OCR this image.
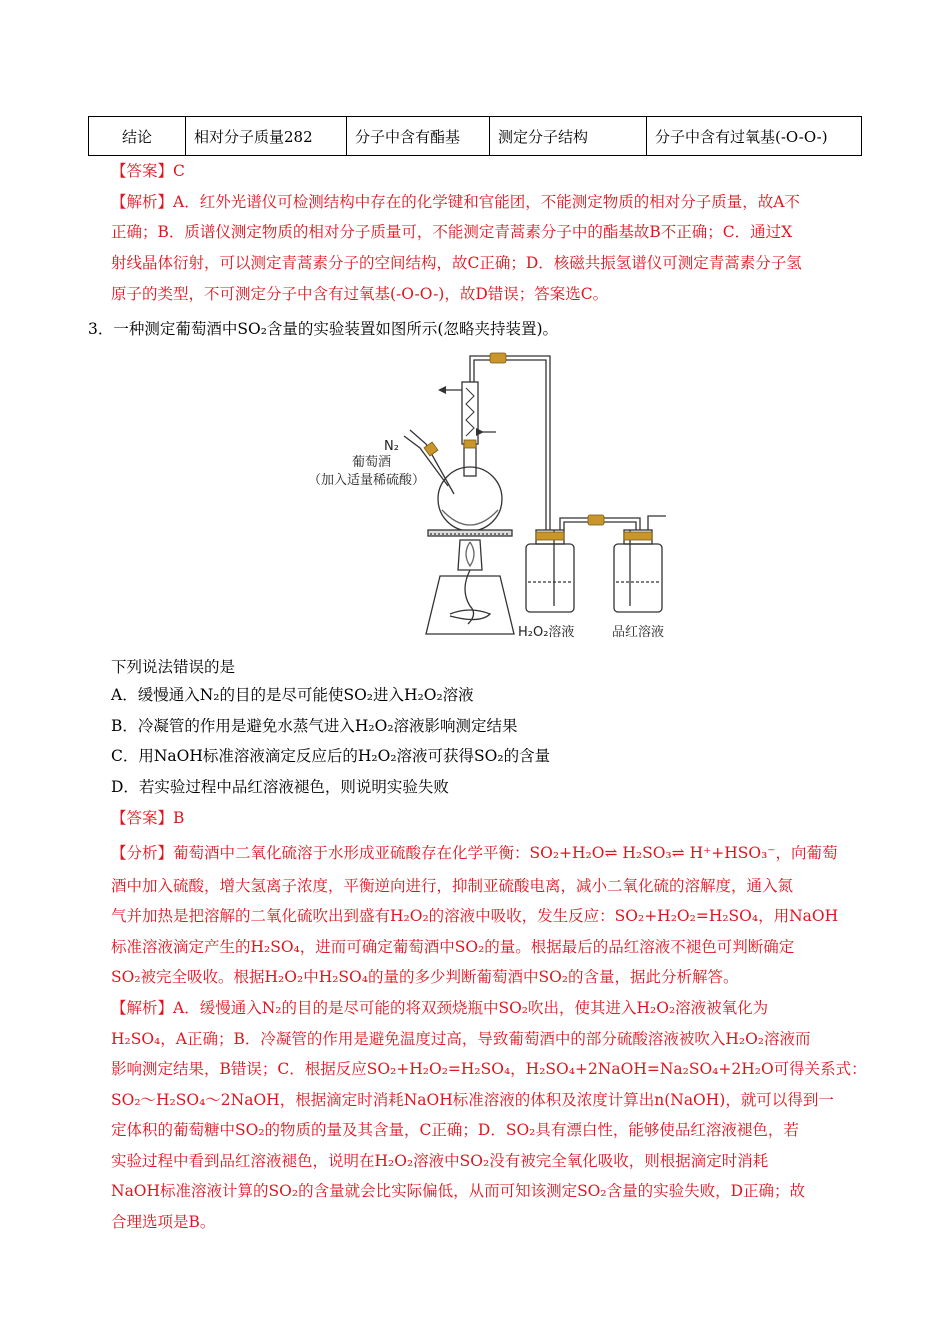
结论	相对分子质量282	分子中含有酯基	测定分子结构	分子中含有过氧基(-O-O-)
【答案】C
【解析】A．红外光谱仪可检测结构中存在的化学键和官能团，不能测定物质的相对分子质量，故A不
正确；B．质谱仪测定物质的相对分子质量可，不能测定青蒿素分子中的酯基故B不正确；C．通过X
射线晶体衍射，可以测定青蒿素分子的空间结构，故C正确；D．核磁共振氢谱仪可测定青蒿素分子氢
原子的类型，不可测定分子中含有过氧基(-O-O-)，故D错误；答案选C。
3．一种测定葡萄酒中SO₂含量的实验装置如图所示(忽略夹持装置)。
N₂
葡萄酒
（加入适量稀硫酸）
H₂O₂溶液	品红溶液
下列说法错误的是
A．缓慢通入N₂的目的是尽可能使SO₂进入H₂O₂溶液
B．冷凝管的作用是避免水蒸气进入H₂O₂溶液影响测定结果
C．用NaOH标准溶液滴定反应后的H₂O₂溶液可获得SO₂的含量
D．若实验过程中品红溶液褪色，则说明实验失败
【答案】B
【分析】葡萄酒中二氧化硫溶于水形成亚硫酸存在化学平衡：SO₂+H₂O⇌ H₂SO₃⇌ H⁺+HSO₃⁻，向葡萄
酒中加入硫酸，增大氢离子浓度，平衡逆向进行，抑制亚硫酸电离，减小二氧化硫的溶解度，通入氮
气并加热是把溶解的二氧化硫吹出到盛有H₂O₂的溶液中吸收，发生反应：SO₂+H₂O₂=H₂SO₄，用NaOH
标准溶液滴定产生的H₂SO₄，进而可确定葡萄酒中SO₂的量。根据最后的品红溶液不褪色可判断确定
SO₂被完全吸收。根据H₂O₂中H₂SO₄的量的多少判断葡萄酒中SO₂的含量，据此分析解答。
【解析】A．缓慢通入N₂的目的是尽可能的将双颈烧瓶中SO₂吹出，使其进入H₂O₂溶液被氧化为
H₂SO₄，A正确；B．冷凝管的作用是避免温度过高，导致葡萄酒中的部分硫酸溶液被吹入H₂O₂溶液而
影响测定结果，B错误；C．根据反应SO₂+H₂O₂=H₂SO₄，H₂SO₄+2NaOH=Na₂SO₄+2H₂O可得关系式：
SO₂～H₂SO₄～2NaOH，根据滴定时消耗NaOH标准溶液的体积及浓度计算出n(NaOH)，就可以得到一
定体积的葡萄糖中SO₂的物质的量及其含量，C正确；D．SO₂具有漂白性，能够使品红溶液褪色，若
实验过程中看到品红溶液褪色，说明在H₂O₂溶液中SO₂没有被完全氧化吸收，则根据滴定时消耗
NaOH标准溶液计算的SO₂的含量就会比实际偏低，从而可知该测定SO₂含量的实验失败，D正确；故
合理选项是B。
